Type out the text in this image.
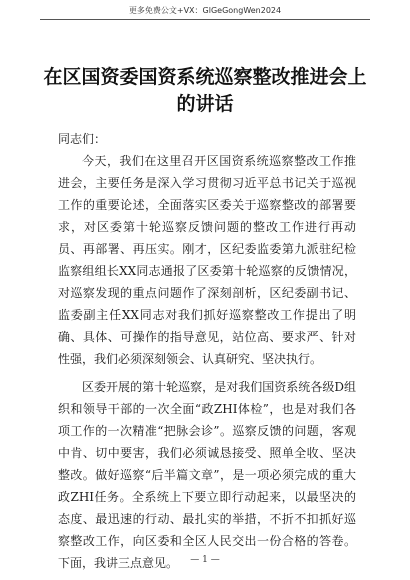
更多免费公文+VX：GlGeGongWen2024
在区国资委国资系统巡察整改推进会上的讲话

同志们：

今天，我们在这里召开区国资系统巡察整改工作推进会，主要任务是深入学习贯彻习近平总书记关于巡视工作的重要论述，全面落实区委关于巡察整改的部署要求，对区委第十轮巡察反馈问题的整改工作进行再动员、再部署、再压实。刚才，区纪委监委第九派驻纪检监察组组长XX同志通报了区委第十轮巡察的反馈情况，对巡察发现的重点问题作了深刻剖析，区纪委副书记、监委副主任XX同志对我们抓好巡察整改工作提出了明确、具体、可操作的指导意见，站位高、要求严、针对性强，我们必须深刻领会、认真研究、坚决执行。

区委开展的第十轮巡察，是对我们国资系统各级D组织和领导干部的一次全面“政ZHI体检”，也是对我们各项工作的一次精准“把脉会诊”。巡察反馈的问题，客观中肯、切中要害，我们必须诚恳接受、照单全收、坚决整改。做好巡察“后半篇文章”，是一项必须完成的重大政ZHI任务。全系统上下要立即行动起来，以最坚决的态度、最迅速的行动、最扎实的举措，不折不扣抓好巡察整改工作，向区委和全区人民交出一份合格的答卷。下面，我讲三点意见。	— 1 —
